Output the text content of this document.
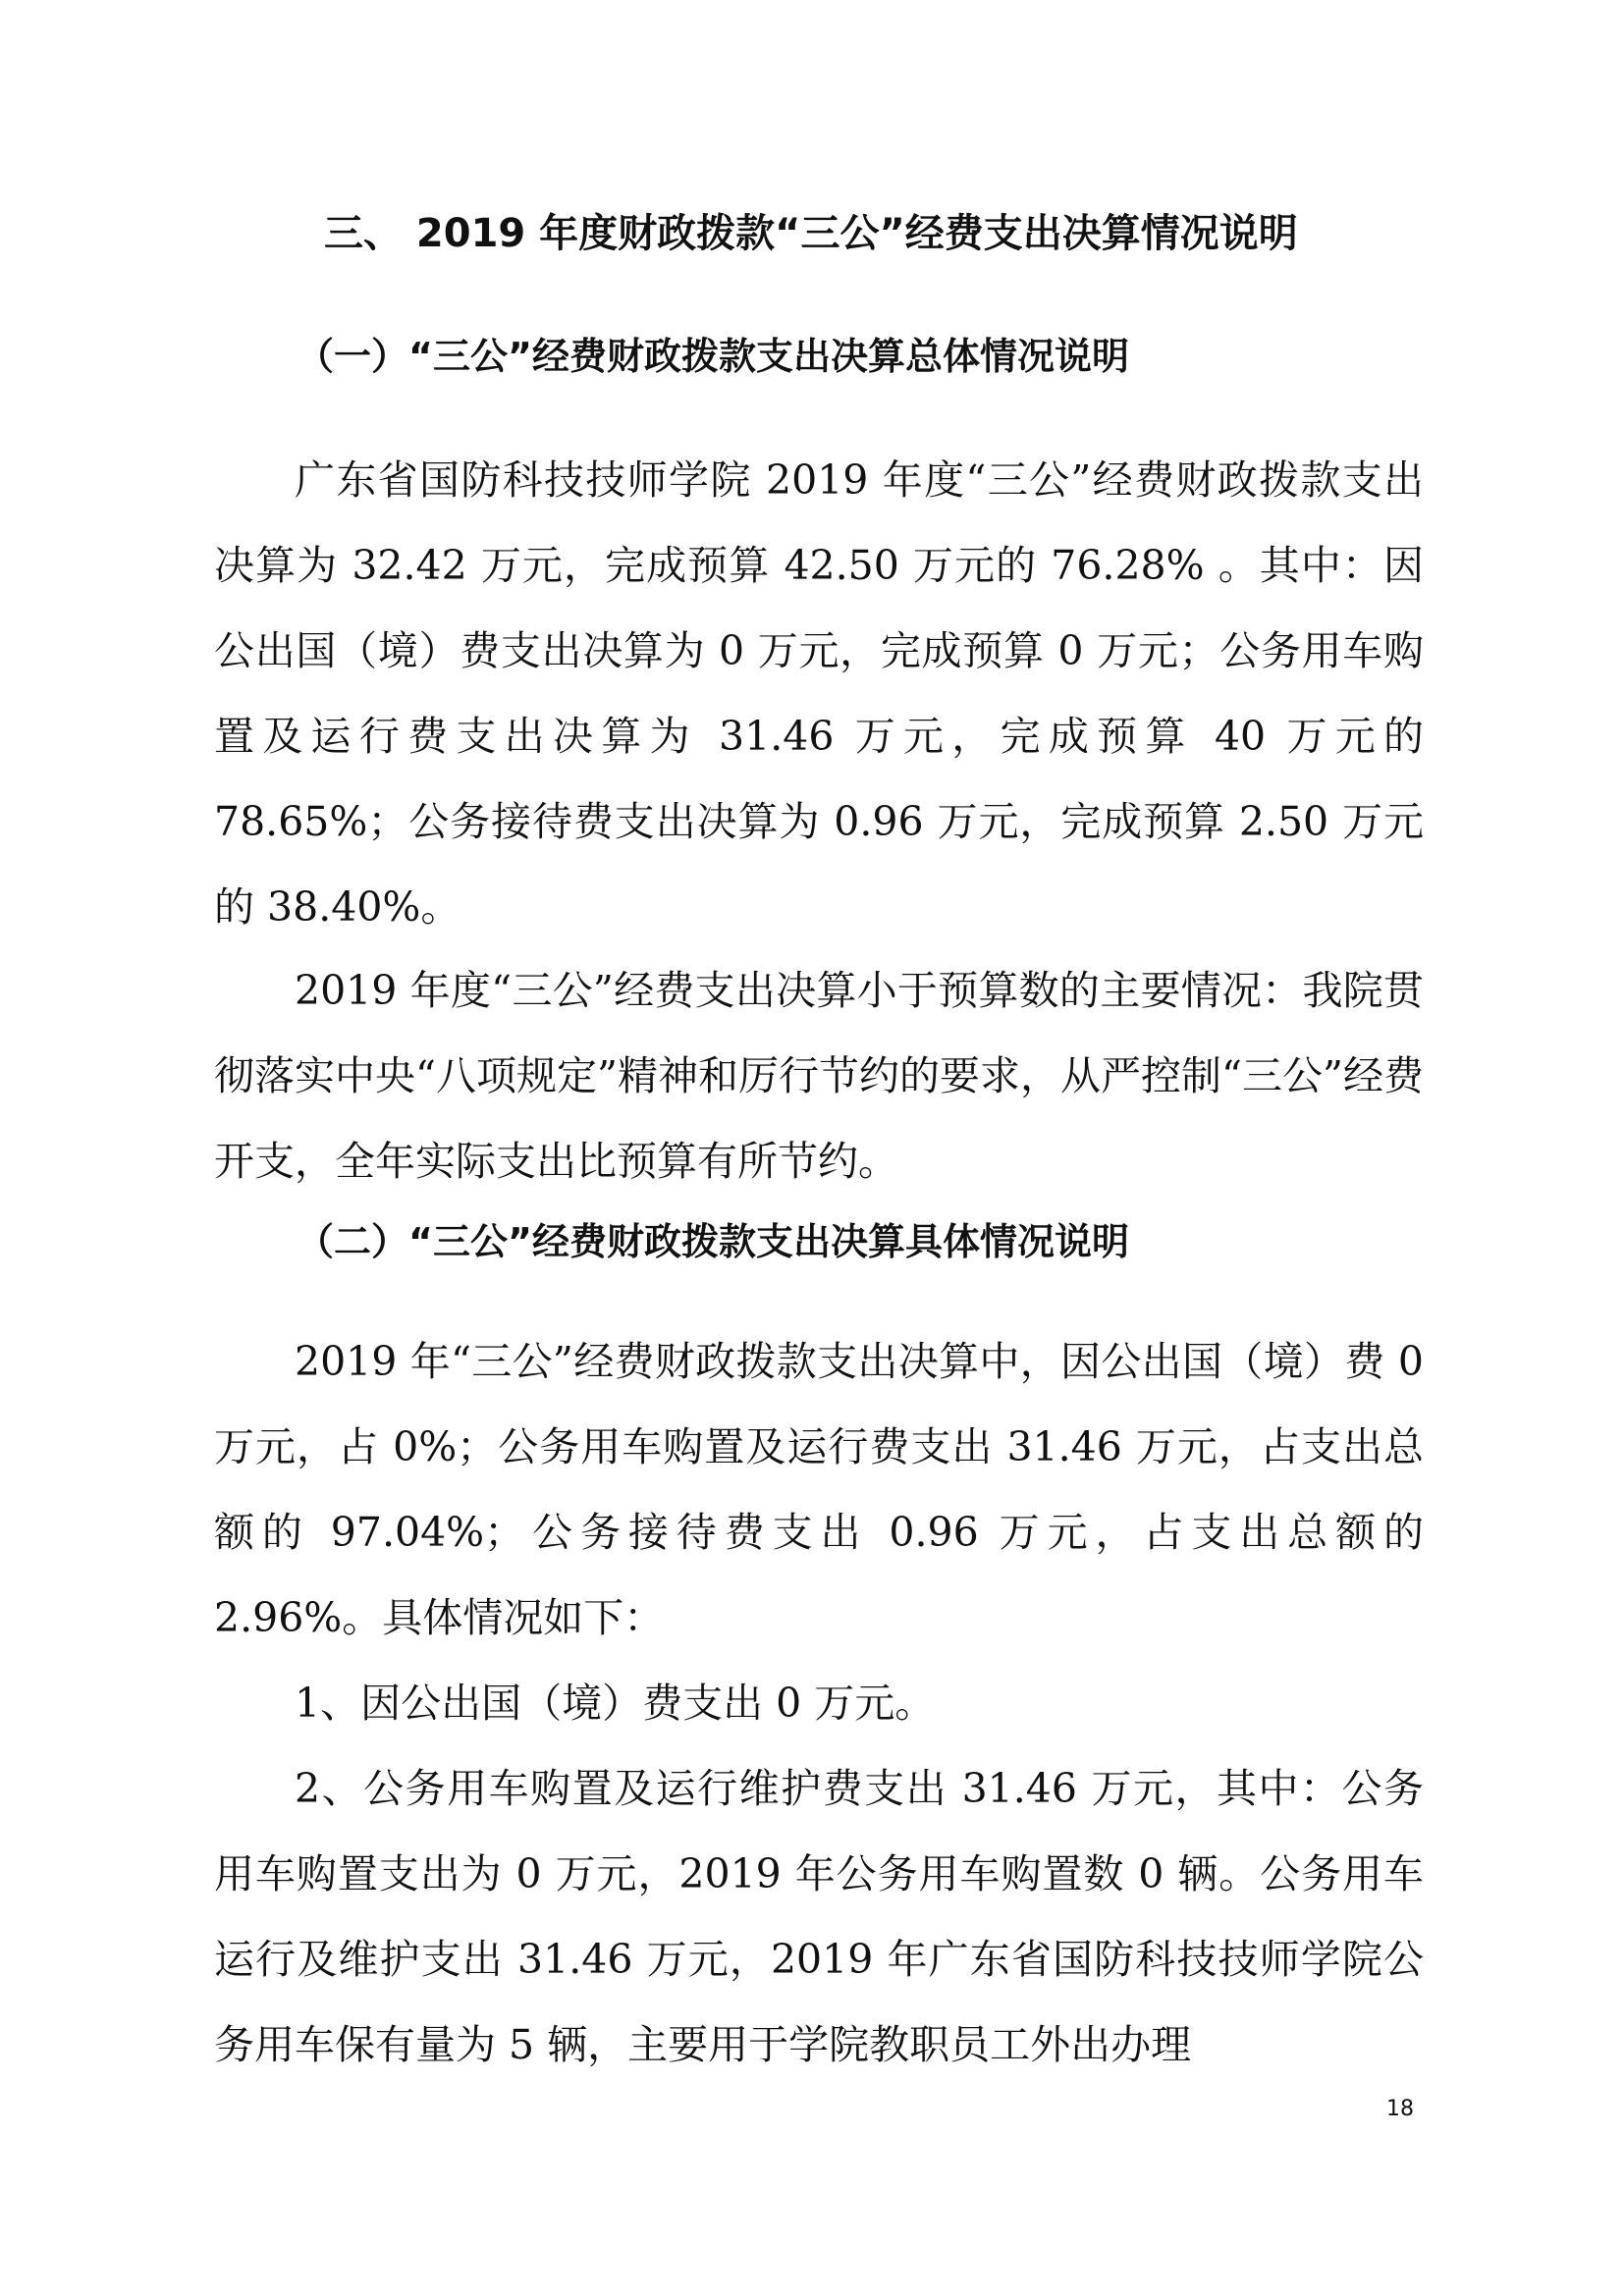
三、 2019 年度财政拨款“三公”经费支出决算情况说明
（一）“三公”经费财政拨款支出决算总体情况说明

广东省国防科技技师学院 2019 年度“三公”经费财政拨款支出决算为 32.42 万元，完成预算 42.50 万元的 76.28% 。其中：因公出国（境）费支出决算为 0 万元，完成预算 0 万元；公务用车购置及运行费支出决算为 31.46 万元，完成预算 40 万元的 78.65%；公务接待费支出决算为 0.96 万元，完成预算 2.50 万元的 38.40%。

2019 年度“三公”经费支出决算小于预算数的主要情况：我院贯彻落实中央“八项规定”精神和厉行节约的要求，从严控制“三公”经费开支，全年实际支出比预算有所节约。

（二）“三公”经费财政拨款支出决算具体情况说明

2019 年“三公”经费财政拨款支出决算中，因公出国（境）费 0 万元，占 0%；公务用车购置及运行费支出 31.46 万元，占支出总额的 97.04%；公务接待费支出 0.96 万元，占支出总额的 2.96%。具体情况如下：

1、因公出国（境）费支出 0 万元。

2、公务用车购置及运行维护费支出 31.46 万元，其中：公务用车购置支出为 0 万元，2019 年公务用车购置数 0 辆。公务用车运行及维护支出 31.46 万元，2019 年广东省国防科技技师学院公务用车保有量为 5 辆，主要用于学院教职员工外出办理

18
